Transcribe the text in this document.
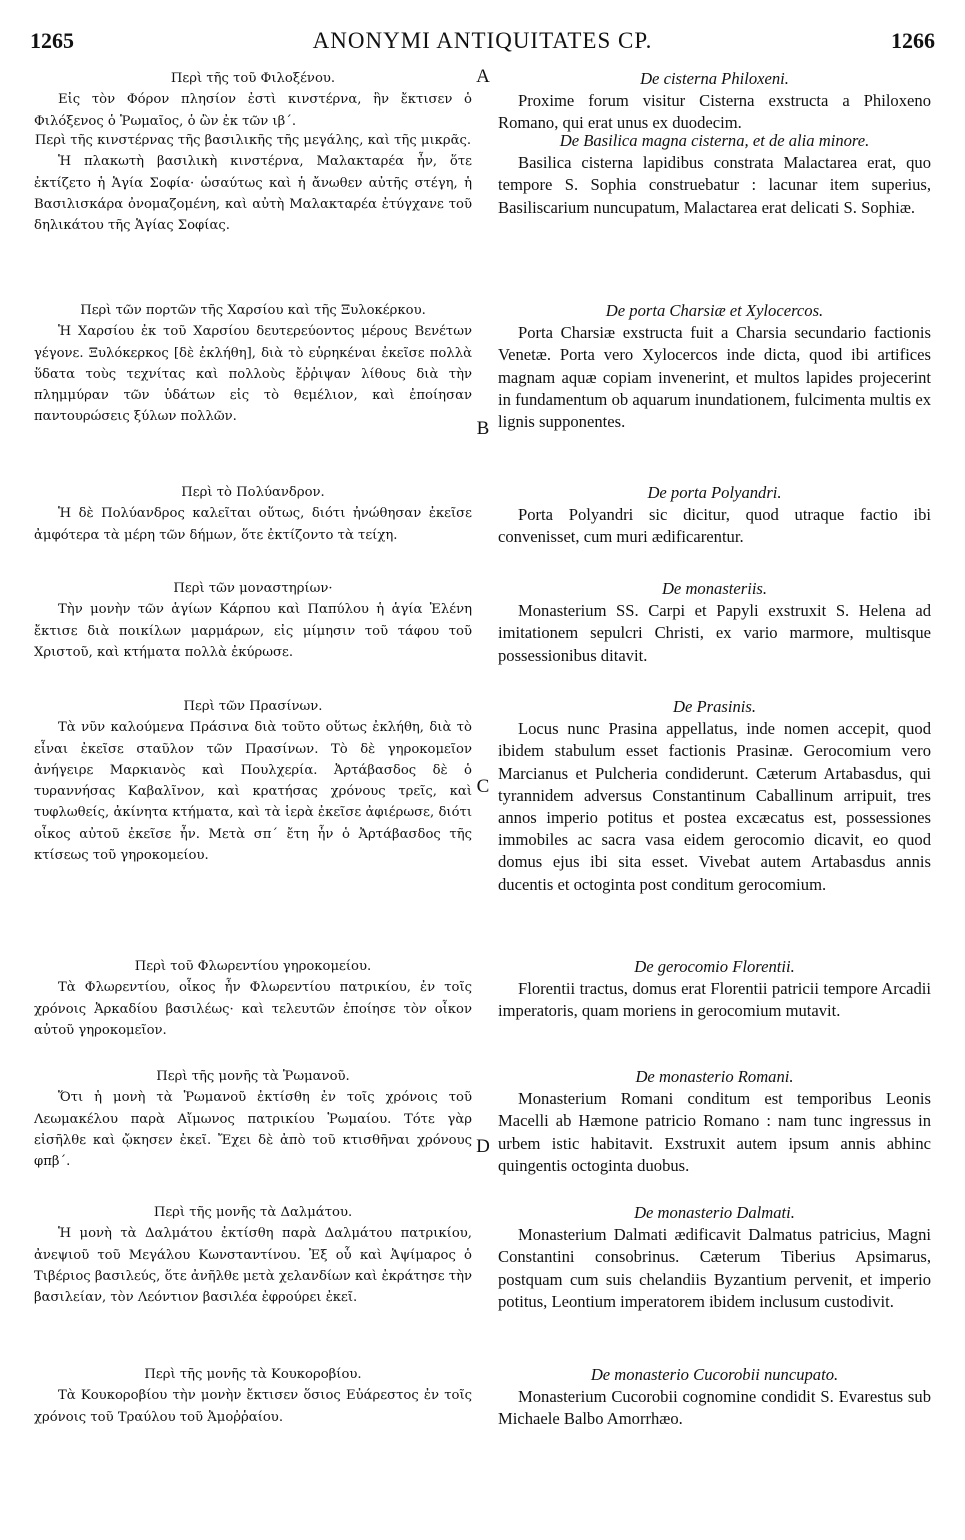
1265	ANONYMI ANTIQUITATES CP.	1266
A
B
C
D

Περὶ τῆς τοῦ Φιλοξένου.

Εἰς τὸν Φόρον πλησίον ἐστὶ κινστέρνα, ἣν ἔκτισεν ὁ Φιλόξενος ὁ Ῥωμαῖος, ὁ ὢν ἐκ τῶν ιβ΄.

Περὶ τῆς κινστέρνας τῆς βασιλικῆς τῆς μεγάλης, καὶ τῆς μικρᾶς.

Ἡ πλακωτὴ βασιλικὴ κινστέρνα, Μαλακταρέα ἦν, ὅτε ἐκτίζετο ἡ Ἁγία Σοφία· ὡσαύτως καὶ ἡ ἄνωθεν αὐτῆς στέγη, ἡ Βασιλισκάρα ὀνομαζομένη, καὶ αὐτὴ Μαλακταρέα ἐτύγχανε τοῦ δηλικάτου τῆς Ἁγίας Σοφίας.

Περὶ τῶν πορτῶν τῆς Χαρσίου καὶ τῆς Ξυλοκέρκου.

Ἡ Χαρσίου ἐκ τοῦ Χαρσίου δευτερεύοντος μέρους Βενέτων γέγονε. Ξυλόκερκος [δὲ ἐκλήθη], διὰ τὸ εὑρηκέναι ἐκεῖσε πολλὰ ὕδατα τοὺς τεχνίτας καὶ πολλοὺς ἔῤῥιψαν λίθους διὰ τὴν πλημμύραν τῶν ὑδάτων εἰς τὸ θεμέλιον, καὶ ἐποίησαν παντουρώσεις ξύλων πολλῶν.

Περὶ τὸ Πολύανδρον.

Ἡ δὲ Πολύανδρος καλεῖται οὕτως, διότι ἠνώθησαν ἐκεῖσε ἀμφότερα τὰ μέρη τῶν δήμων, ὅτε ἐκτίζοντο τὰ τείχη.

Περὶ τῶν μοναστηρίων·

Τὴν μονὴν τῶν ἁγίων Κάρπου καὶ Παπύλου ἡ ἁγία Ἑλένη ἔκτισε διὰ ποικίλων μαρμάρων, εἰς μίμησιν τοῦ τάφου τοῦ Χριστοῦ, καὶ κτήματα πολλὰ ἐκύρωσε.

Περὶ τῶν Πρασίνων.

Τὰ νῦν καλούμενα Πράσινα διὰ τοῦτο οὕτως ἐκλήθη, διὰ τὸ εἶναι ἐκεῖσε σταῦλον τῶν Πρασίνων. Τὸ δὲ γηροκομεῖον ἀνήγειρε Μαρκιανὸς καὶ Πουλχερία. Ἀρτάβασδος δὲ ὁ τυραννήσας Καβαλῖνον, καὶ κρατήσας χρόνους τρεῖς, καὶ τυφλωθείς, ἀκίνητα κτήματα, καὶ τὰ ἱερὰ ἐκεῖσε ἀφιέρωσε, διότι οἶκος αὐτοῦ ἐκεῖσε ἦν. Μετὰ σπ΄ ἔτη ἦν ὁ Ἀρτάβασδος τῆς κτίσεως τοῦ γηροκομείου.

Περὶ τοῦ Φλωρεντίου γηροκομείου.

Τὰ Φλωρεντίου, οἶκος ἦν Φλωρεντίου πατρικίου, ἐν τοῖς χρόνοις Ἀρκαδίου βασιλέως· καὶ τελευτῶν ἐποίησε τὸν οἶκον αὐτοῦ γηροκομεῖον.

Περὶ τῆς μονῆς τὰ Ῥωμανοῦ.

Ὅτι ἡ μονὴ τὰ Ῥωμανοῦ ἐκτίσθη ἐν τοῖς χρόνοις τοῦ Λεωμακέλου παρὰ Αἴμωνος πατρικίου Ῥωμαίου. Τότε γὰρ εἰσῆλθε καὶ ᾤκησεν ἐκεῖ. Ἔχει δὲ ἀπὸ τοῦ κτισθῆναι χρόνους φπβ΄.

Περὶ τῆς μονῆς τὰ Δαλμάτου.

Ἡ μονὴ τὰ Δαλμάτου ἐκτίσθη παρὰ Δαλμάτου πατρικίου, ἀνεψιοῦ τοῦ Μεγάλου Κωνσταντίνου. Ἐξ οὗ καὶ Ἀψίμαρος ὁ Τιβέριος βασιλεύς, ὅτε ἀνῆλθε μετὰ χελανδίων καὶ ἐκράτησε τὴν βασιλείαν, τὸν Λεόντιον βασιλέα ἐφρούρει ἐκεῖ.

Περὶ τῆς μονῆς τὰ Κουκοροβίου.

Τὰ Κουκοροβίου τὴν μονὴν ἔκτισεν ὅσιος Εὐάρεστος ἐν τοῖς χρόνοις τοῦ Τραύλου τοῦ Ἀμοῤῥαίου.

De cisterna Philoxeni.

Proxime forum visitur Cisterna exstructa a Philoxeno Romano, qui erat unus ex duodecim.

De Basilica magna cisterna, et de alia minore.

Basilica cisterna lapidibus constrata Malactarea erat, quo tempore S. Sophia construebatur : lacunar item superius, Basiliscarium nuncupatum, Malactarea erat delicati S. Sophiæ.

De porta Charsiæ et Xylocercos.

Porta Charsiæ exstructa fuit a Charsia secundario factionis Venetæ. Porta vero Xylocercos inde dicta, quod ibi artifices magnam aquæ copiam invenerint, et multos lapides projecerint in fundamentum ob aquarum inundationem, fulcimenta multis ex lignis supponentes.

De porta Polyandri.

Porta Polyandri sic dicitur, quod utraque factio ibi convenisset, cum muri ædificarentur.

De monasteriis.

Monasterium SS. Carpi et Papyli exstruxit S. Helena ad imitationem sepulcri Christi, ex vario marmore, multisque possessionibus ditavit.

De Prasinis.

Locus nunc Prasina appellatus, inde nomen accepit, quod ibidem stabulum esset factionis Prasinæ. Gerocomium vero Marcianus et Pulcheria condiderunt. Cæterum Artabasdus, qui tyrannidem adversus Constantinum Caballinum arripuit, tres annos imperio potitus et postea excæcatus est, possessiones immobiles ac sacra vasa eidem gerocomio dicavit, eo quod domus ejus ibi sita esset. Vivebat autem Artabasdus annis ducentis et octoginta post conditum gerocomium.

De gerocomio Florentii.

Florentii tractus, domus erat Florentii patricii tempore Arcadii imperatoris, quam moriens in gerocomium mutavit.

De monasterio Romani.

Monasterium Romani conditum est temporibus Leonis Macelli ab Hæmone patricio Romano : nam tunc ingressus in urbem istic habitavit. Exstruxit autem ipsum annis abhinc quingentis octoginta duobus.

De monasterio Dalmati.

Monasterium Dalmati ædificavit Dalmatus patricius, Magni Constantini consobrinus. Cæterum Tiberius Apsimarus, postquam cum suis chelandiis Byzantium pervenit, et imperio potitus, Leontium imperatorem ibidem inclusum custodivit.

De monasterio Cucorobii nuncupato.

Monasterium Cucorobii cognomine condidit S. Evarestus sub Michaele Balbo Amorrhæo.
